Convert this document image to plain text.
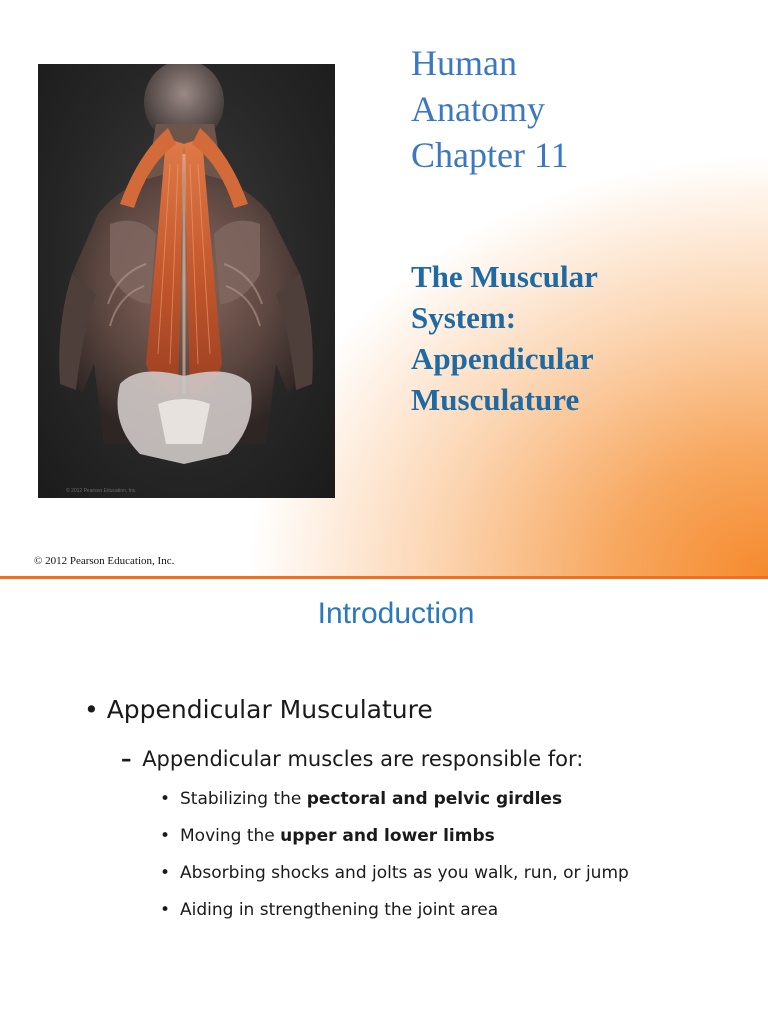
© 2012 Pearson Education, Inc.
Human
Anatomy
Chapter 11
The Muscular
System:
Appendicular
Musculature
© 2012 Pearson Education, Inc.
Introduction
• Appendicular Musculature
– Appendicular muscles are responsible for:
• Stabilizing the pectoral and pelvic girdles
• Moving the upper and lower limbs
• Absorbing shocks and jolts as you walk, run, or jump
• Aiding in strengthening the joint area
